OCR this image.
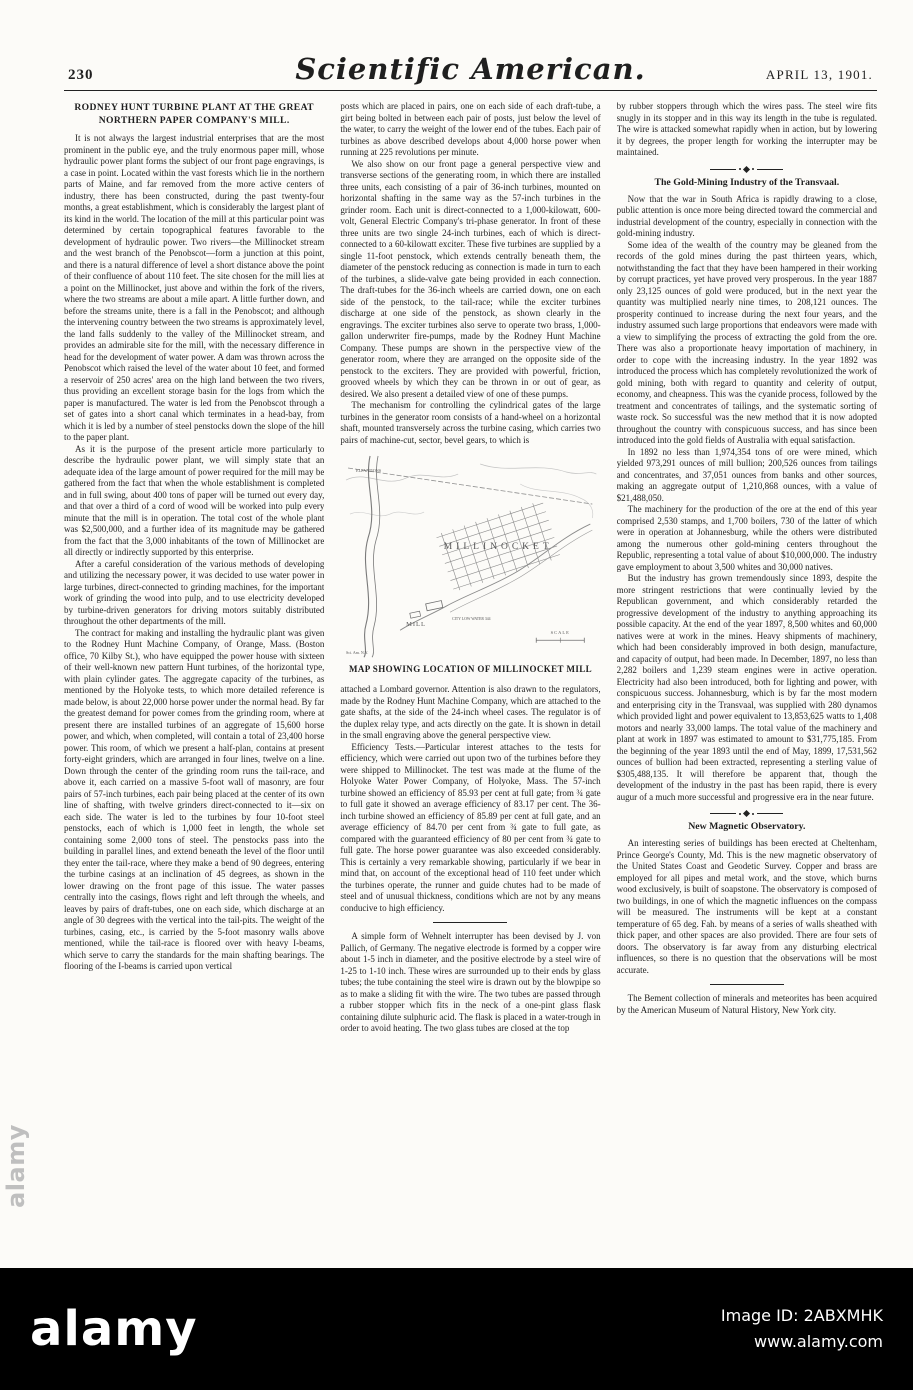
230	Scientific American.	APRIL 13, 1901.
RODNEY HUNT TURBINE PLANT AT THE GREAT
NORTHERN PAPER COMPANY'S MILL.

It is not always the largest industrial enterprises that are the most prominent in the public eye, and the truly enormous paper mill, whose hydraulic power plant forms the subject of our front page engravings, is a case in point. Located within the vast forests which lie in the northern parts of Maine, and far removed from the more active centers of industry, there has been constructed, during the past twenty-four months, a great establishment, which is considerably the largest plant of its kind in the world. The location of the mill at this particular point was determined by certain topographical features favorable to the development of hydraulic power. Two rivers—the Millinocket stream and the west branch of the Penobscot—form a junction at this point, and there is a natural difference of level a short distance above the point of their confluence of about 110 feet. The site chosen for the mill lies at a point on the Millinocket, just above and within the fork of the rivers, where the two streams are about a mile apart. A little further down, and before the streams unite, there is a fall in the Penobscot; and although the intervening country between the two streams is approximately level, the land falls suddenly to the valley of the Millinocket stream, and provides an admirable site for the mill, with the necessary difference in head for the development of water power. A dam was thrown across the Penobscot which raised the level of the water about 10 feet, and formed a reservoir of 250 acres' area on the high land between the two rivers, thus providing an excellent storage basin for the logs from which the paper is manufactured. The water is led from the Penobscot through a set of gates into a short canal which terminates in a head-bay, from which it is led by a number of steel penstocks down the slope of the hill to the paper plant.

As it is the purpose of the present article more particularly to describe the hydraulic power plant, we will simply state that an adequate idea of the large amount of power required for the mill may be gathered from the fact that when the whole establishment is completed and in full swing, about 400 tons of paper will be turned out every day, and that over a third of a cord of wood will be worked into pulp every minute that the mill is in operation. The total cost of the whole plant was $2,500,000, and a further idea of its magnitude may be gathered from the fact that the 3,000 inhabitants of the town of Millinocket are all directly or indirectly supported by this enterprise.

After a careful consideration of the various methods of developing and utilizing the necessary power, it was decided to use water power in large turbines, direct-connected to grinding machines, for the important work of grinding the wood into pulp, and to use electricity developed by turbine-driven generators for driving motors suitably distributed throughout the other departments of the mill.

The contract for making and installing the hydraulic plant was given to the Rodney Hunt Machine Company, of Orange, Mass. (Boston office, 70 Kilby St.), who have equipped the power house with sixteen of their well-known new pattern Hunt turbines, of the horizontal type, with plain cylinder gates. The aggregate capacity of the turbines, as mentioned by the Holyoke tests, to which more detailed reference is made below, is about 22,000 horse power under the normal head. By far the greatest demand for power comes from the grinding room, where at present there are installed turbines of an aggregate of 15,600 horse power, and which, when completed, will contain a total of 23,400 horse power. This room, of which we present a half-plan, contains at present forty-eight grinders, which are arranged in four lines, twelve on a line. Down through the center of the grinding room runs the tail-race, and above it, each carried on a massive 5-foot wall of masonry, are four pairs of 57-inch turbines, each pair being placed at the center of its own line of shafting, with twelve grinders direct-connected to it—six on each side. The water is led to the turbines by four 10-foot steel penstocks, each of which is 1,000 feet in length, the whole set containing some 2,000 tons of steel. The penstocks pass into the building in parallel lines, and extend beneath the level of the floor until they enter the tail-race, where they make a bend of 90 degrees, entering the turbine casings at an inclination of 45 degrees, as shown in the lower drawing on the front page of this issue. The water passes centrally into the casings, flows right and left through the wheels, and leaves by pairs of draft-tubes, one on each side, which discharge at an angle of 30 degrees with the vertical into the tail-pits. The weight of the turbines, casing, etc., is carried by the 5-foot masonry walls above mentioned, while the tail-race is floored over with heavy I-beams, which serve to carry the standards for the main shafting bearings. The flooring of the I-beams is carried upon vertical

posts which are placed in pairs, one on each side of each draft-tube, a girt being bolted in between each pair of posts, just below the level of the water, to carry the weight of the lower end of the tubes. Each pair of turbines as above described develops about 4,000 horse power when running at 225 revolutions per minute.

We also show on our front page a general perspective view and transverse sections of the generating room, in which there are installed three units, each consisting of a pair of 36-inch turbines, mounted on horizontal shafting in the same way as the 57-inch turbines in the grinder room. Each unit is direct-connected to a 1,000-kilowatt, 600-volt, General Electric Company's tri-phase generator. In front of these three units are two single 24-inch turbines, each of which is direct-connected to a 60-kilowatt exciter. These five turbines are supplied by a single 11-foot penstock, which extends centrally beneath them, the diameter of the penstock reducing as connection is made in turn to each of the turbines, a slide-valve gate being provided in each connection. The draft-tubes for the 36-inch wheels are carried down, one on each side of the penstock, to the tail-race; while the exciter turbines discharge at one side of the penstock, as shown clearly in the engravings. The exciter turbines also serve to operate two brass, 1,000-gallon underwriter fire-pumps, made by the Rodney Hunt Machine Company. These pumps are shown in the perspective view of the generator room, where they are arranged on the opposite side of the penstock to the exciters. They are provided with powerful, friction, grooved wheels by which they can be thrown in or out of gear, as desired. We also present a detailed view of one of these pumps.

The mechanism for controlling the cylindrical gates of the large turbines in the generator room consists of a hand-wheel on a horizontal shaft, mounted transversely across the turbine casing, which carries two pairs of machine-cut, sector, bevel gears, to which is

ELEVATIONS
MILLINOCKET
MILL
CITY LOW WATER 344
SCALE
Sci. Am. N.Y.
MAP SHOWING LOCATION OF MILLINOCKET MILL

attached a Lombard governor. Attention is also drawn to the regulators, made by the Rodney Hunt Machine Company, which are attached to the gate shafts, at the side of the 24-inch wheel cases. The regulator is of the duplex relay type, and acts directly on the gate. It is shown in detail in the small engraving above the general perspective view.

Efficiency Tests.—Particular interest attaches to the tests for efficiency, which were carried out upon two of the turbines before they were shipped to Millinocket. The test was made at the flume of the Holyoke Water Power Company, of Holyoke, Mass. The 57-inch turbine showed an efficiency of 85.93 per cent at full gate; from ¾ gate to full gate it showed an average efficiency of 83.17 per cent. The 36-inch turbine showed an efficiency of 85.89 per cent at full gate, and an average efficiency of 84.70 per cent from ¾ gate to full gate, as compared with the guaranteed efficiency of 80 per cent from ¾ gate to full gate. The horse power guarantee was also exceeded considerably. This is certainly a very remarkable showing, particularly if we bear in mind that, on account of the exceptional head of 110 feet under which the turbines operate, the runner and guide chutes had to be made of steel and of unusual thickness, conditions which are not by any means conducive to high efficiency.

A simple form of Wehnelt interrupter has been devised by J. von Pallich, of Germany. The negative electrode is formed by a copper wire about 1-5 inch in diameter, and the positive electrode by a steel wire of 1-25 to 1-10 inch. These wires are surrounded up to their ends by glass tubes; the tube containing the steel wire is drawn out by the blowpipe so as to make a sliding fit with the wire. The two tubes are passed through a rubber stopper which fits in the neck of a one-pint glass flask containing dilute sulphuric acid. The flask is placed in a water-trough in order to avoid heating. The two glass tubes are closed at the top

by rubber stoppers through which the wires pass. The steel wire fits snugly in its stopper and in this way its length in the tube is regulated. The wire is attacked somewhat rapidly when in action, but by lowering it by degrees, the proper length for working the interrupter may be maintained.

The Gold-Mining Industry of the Transvaal.

Now that the war in South Africa is rapidly drawing to a close, public attention is once more being directed toward the commercial and industrial development of the country, especially in connection with the gold-mining industry.

Some idea of the wealth of the country may be gleaned from the records of the gold mines during the past thirteen years, which, notwithstanding the fact that they have been hampered in their working by corrupt practices, yet have proved very prosperous. In the year 1887 only 23,125 ounces of gold were produced, but in the next year the quantity was multiplied nearly nine times, to 208,121 ounces. The prosperity continued to increase during the next four years, and the industry assumed such large proportions that endeavors were made with a view to simplifying the process of extracting the gold from the ore. There was also a proportionate heavy importation of machinery, in order to cope with the increasing industry. In the year 1892 was introduced the process which has completely revolutionized the work of gold mining, both with regard to quantity and celerity of output, economy, and cheapness. This was the cyanide process, followed by the treatment and concentrates of tailings, and the systematic sorting of waste rock. So successful was the new method that it is now adopted throughout the country with conspicuous success, and has since been introduced into the gold fields of Australia with equal satisfaction.

In 1892 no less than 1,974,354 tons of ore were mined, which yielded 973,291 ounces of mill bullion; 200,526 ounces from tailings and concentrates, and 37,051 ounces from banks and other sources, making an aggregate output of 1,210,868 ounces, with a value of $21,488,050.

The machinery for the production of the ore at the end of this year comprised 2,530 stamps, and 1,700 boilers, 730 of the latter of which were in operation at Johannesburg, while the others were distributed among the numerous other gold-mining centers throughout the Republic, representing a total value of about $10,000,000. The industry gave employment to about 3,500 whites and 30,000 natives.

But the industry has grown tremendously since 1893, despite the more stringent restrictions that were continually levied by the Republican government, and which considerably retarded the progressive development of the industry to anything approaching its possible capacity. At the end of the year 1897, 8,500 whites and 60,000 natives were at work in the mines. Heavy shipments of machinery, which had been considerably improved in both design, manufacture, and capacity of output, had been made. In December, 1897, no less than 2,282 boilers and 1,239 steam engines were in active operation. Electricity had also been introduced, both for lighting and power, with conspicuous success. Johannesburg, which is by far the most modern and enterprising city in the Transvaal, was supplied with 280 dynamos which provided light and power equivalent to 13,853,625 watts to 1,408 motors and nearly 33,000 lamps. The total value of the machinery and plant at work in 1897 was estimated to amount to $31,775,185. From the beginning of the year 1893 until the end of May, 1899, 17,531,562 ounces of bullion had been extracted, representing a sterling value of $305,488,135. It will therefore be apparent that, though the development of the industry in the past has been rapid, there is every augur of a much more successful and progressive era in the near future.

New Magnetic Observatory.

An interesting series of buildings has been erected at Cheltenham, Prince George's County, Md. This is the new magnetic observatory of the United States Coast and Geodetic Survey. Copper and brass are employed for all pipes and metal work, and the stove, which burns wood exclusively, is built of soapstone. The observatory is composed of two buildings, in one of which the magnetic influences on the compass will be measured. The instruments will be kept at a constant temperature of 65 deg. Fah. by means of a series of walls sheathed with thick paper, and other spaces are also provided. There are four sets of doors. The observatory is far away from any disturbing electrical influences, so there is no question that the observations will be most accurate.

The Bement collection of minerals and meteorites has been acquired by the American Museum of Natural History, New York city.

alamy
alamy	Image ID: 2ABXMHK
www.alamy.com
